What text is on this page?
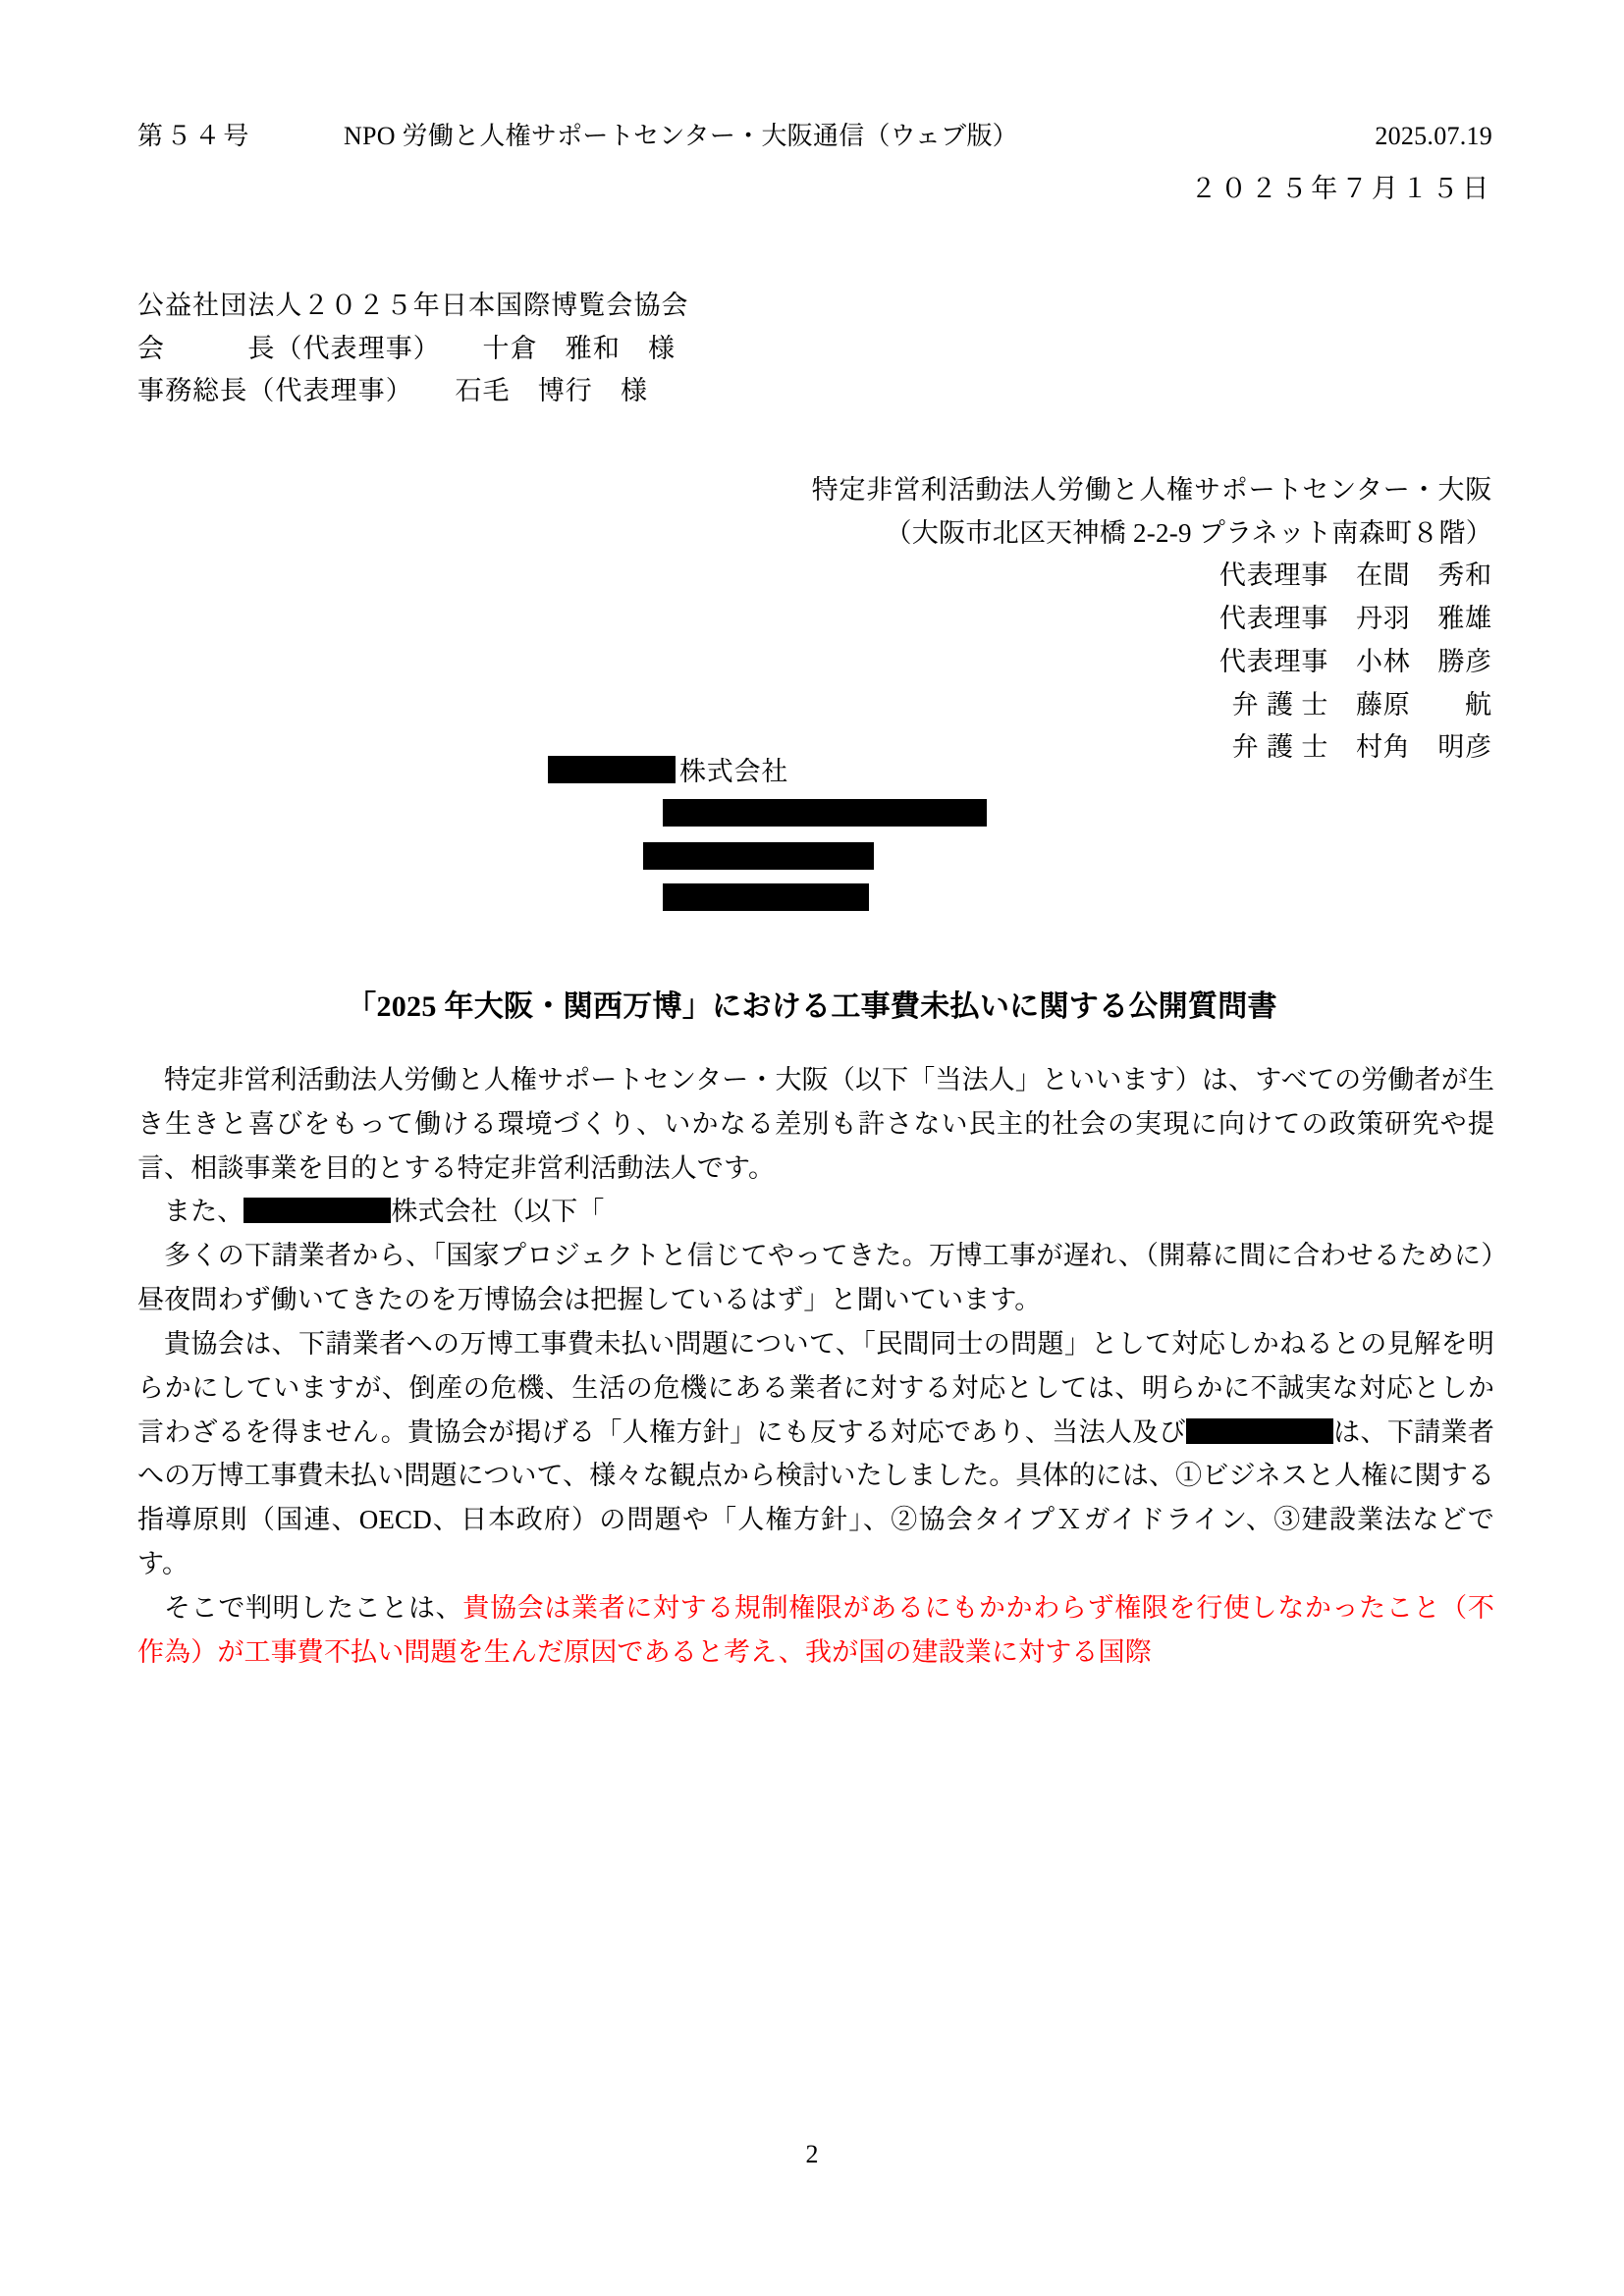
第５４号	NPO 労働と人権サポートセンター・大阪通信（ウェブ版）	2025.07.19
２０２５年７月１５日
公益社団法人２０２５年日本国際博覧会協会
会　　　長（代表理事）　　十倉　雅和　様
事務総長（代表理事）　　石毛　博行　様
特定非営利活動法人労働と人権サポートセンター・大阪
（大阪市北区天神橋 2-2-9 プラネット南森町８階）
代表理事　在間　秀和
代表理事　丹羽　雅雄
代表理事　小林　勝彦
弁 護 士　藤原　　航
弁 護 士　村角　明彦
株式会社
「2025 年大阪・関西万博」における工事費未払いに関する公開質問書

特定非営利活動法人労働と人権サポートセンター・大阪（以下「当法人」といいます）は、すべての労働者が生き生きと喜びをもって働ける環境づくり、いかなる差別も許さない民主的社会の実現に向けての政策研究や提言、相談事業を目的とする特定非営利活動法人です。

また、	株式会社（以下「

多くの下請業者から、「国家プロジェクトと信じてやってきた。万博工事が遅れ、（開幕に間に合わせるために）昼夜問わず働いてきたのを万博協会は把握しているはず」と聞いています。

貴協会は、下請業者への万博工事費未払い問題について、「民間同士の問題」として対応しかねるとの見解を明らかにしていますが、倒産の危機、生活の危機にある業者に対する対応としては、明らかに不誠実な対応としか言わざるを得ません。貴協会が掲げる「人権方針」にも反する対応であり、当法人及び	は、下請業者への万博工事費未払い問題について、様々な観点から検討いたしました。具体的には、①ビジネスと人権に関する指導原則（国連、OECD、日本政府）の問題や「人権方針」、②協会タイプＸガイドライン、③建設業法などです。

そこで判明したことは、貴協会は業者に対する規制権限があるにもかかわらず権限を行使しなかったこと（不作為）が工事費不払い問題を生んだ原因であると考え、我が国の建設業に対する国際

2
